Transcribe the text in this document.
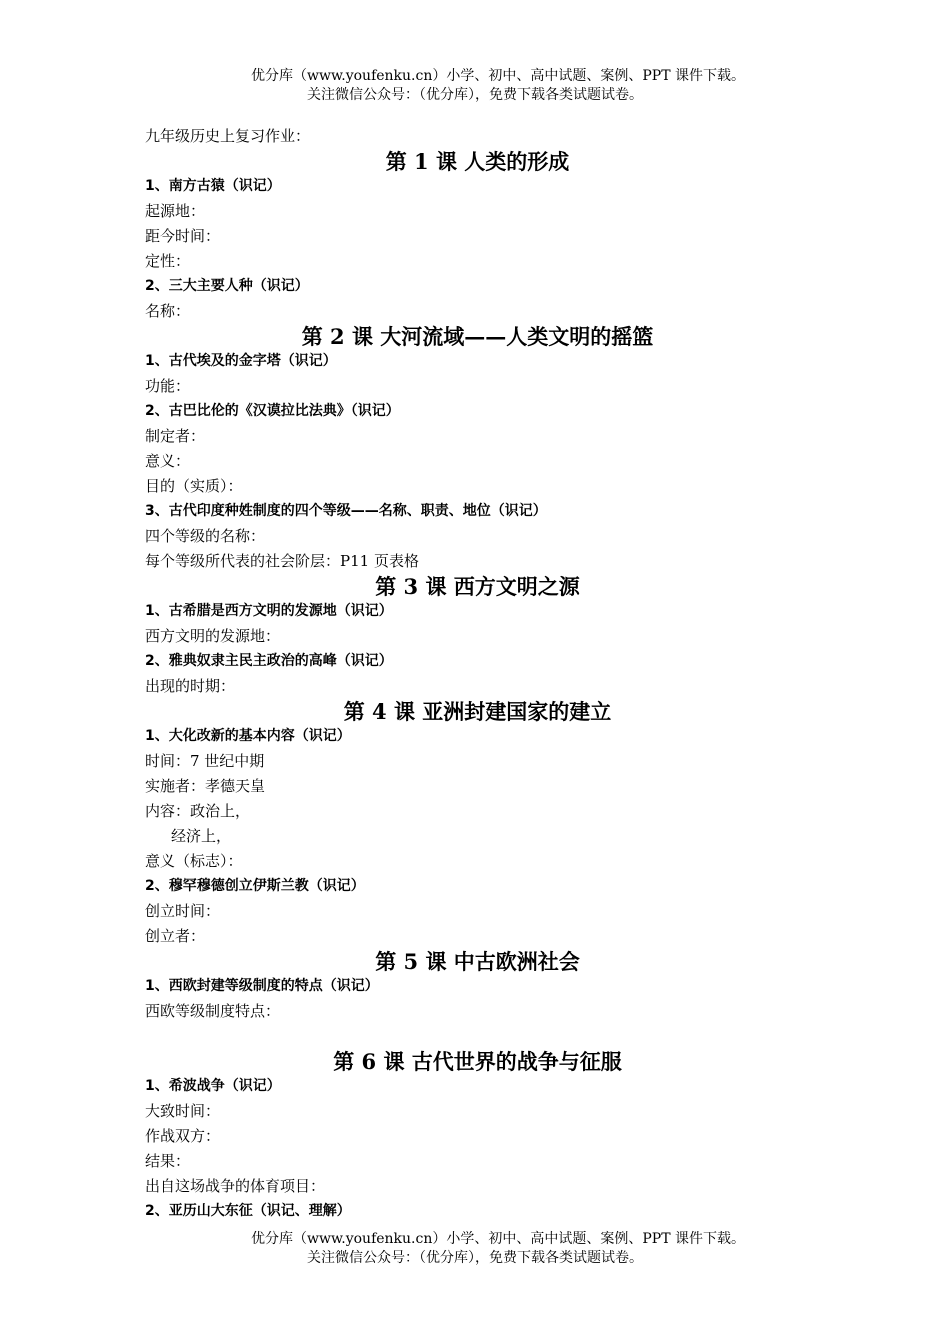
优分库（www.youfenku.cn）小学、初中、高中试题、案例、PPT 课件下载。
关注微信公众号：（优分库），免费下载各类试题试卷。
九年级历史上复习作业：
第 1 课 人类的形成
1、南方古猿（识记）
起源地：
距今时间：
定性：
2、三大主要人种（识记）
名称：
第 2 课 大河流域——人类文明的摇篮
1、古代埃及的金字塔（识记）
功能：
2、古巴比伦的《汉谟拉比法典》（识记）
制定者：
意义：
目的（实质）：
3、古代印度种姓制度的四个等级——名称、职责、地位（识记）
四个等级的名称：
每个等级所代表的社会阶层：P11 页表格
第 3 课 西方文明之源
1、古希腊是西方文明的发源地（识记）
西方文明的发源地：
2、雅典奴隶主民主政治的高峰（识记）
出现的时期：
第 4 课 亚洲封建国家的建立
1、大化改新的基本内容（识记）
时间：7 世纪中期
实施者：孝德天皇
内容：政治上，
经济上，
意义（标志）：
2、穆罕穆德创立伊斯兰教（识记）
创立时间：
创立者：
第 5 课 中古欧洲社会
1、西欧封建等级制度的特点（识记）
西欧等级制度特点：
第 6 课 古代世界的战争与征服
1、希波战争（识记）
大致时间：
作战双方：
结果：
出自这场战争的体育项目：
2、亚历山大东征（识记、理解）
优分库（www.youfenku.cn）小学、初中、高中试题、案例、PPT 课件下载。
关注微信公众号：（优分库），免费下载各类试题试卷。
